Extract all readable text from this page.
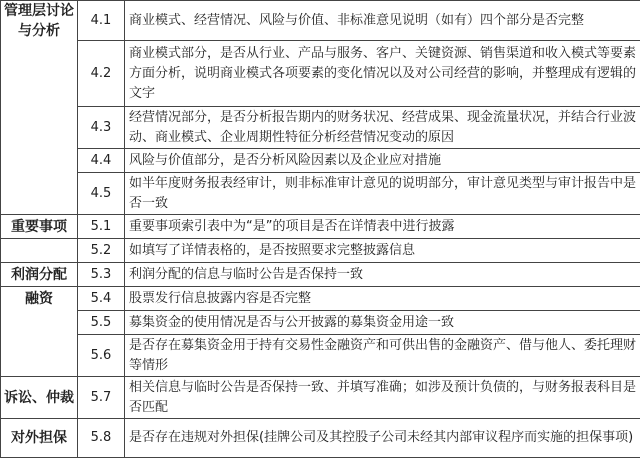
管理层讨论与分析	4.1	商业模式、经营情况、风险与价值、非标准意见说明（如有）四个部分是否完整
	4.2	商业模式部分，是否从行业、产品与服务、客户、关键资源、销售渠道和收入模式等要素方面分析，说明商业模式各项要素的变化情况以及对公司经营的影响，并整理成有逻辑的文字
	4.3	经营情况部分，是否分析报告期内的财务状况、经营成果、现金流量状况，并结合行业波动、商业模式、企业周期性特征分析经营情况变动的原因
	4.4	风险与价值部分，是否分析风险因素以及企业应对措施
	4.5	如半年度财务报表经审计，则非标准审计意见的说明部分，审计意见类型与审计报告中是否一致
重要事项	5.1	重要事项索引表中为“是”的项目是否在详情表中进行披露
	5.2	如填写了详情表格的，是否按照要求完整披露信息
利润分配	5.3	利润分配的信息与临时公告是否保持一致
融资	5.4	股票发行信息披露内容是否完整
	5.5	募集资金的使用情况是否与公开披露的募集资金用途一致
	5.6	是否存在募集资金用于持有交易性金融资产和可供出售的金融资产、借与他人、委托理财等情形
诉讼、仲裁	5.7	相关信息与临时公告是否保持一致、并填写准确；如涉及预计负债的，与财务报表科目是否匹配
对外担保	5.8	是否存在违规对外担保(挂牌公司及其控股子公司未经其内部审议程序而实施的担保事项)
